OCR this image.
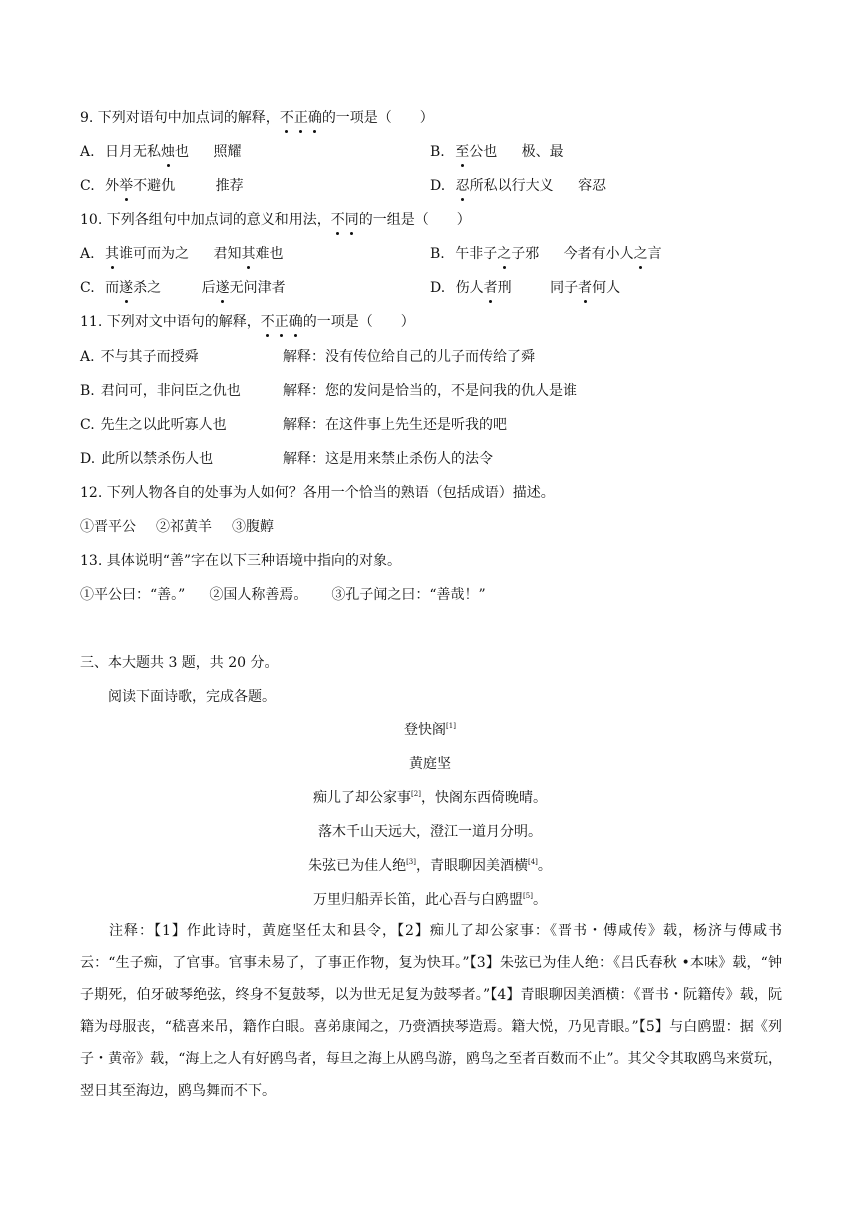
9. 下列对语句中加点词的解释，不正确的一项是（　　）
A. 日月无私烛也 照耀	B. 至公也 极、最
C. 外举不避仇	推荐	D. 忍所私以行大义 容忍
10. 下列各组句中加点词的意义和用法，不同的一组是（　　）
A. 其谁可而为之 君知其难也	B. 午非子之子邪 今者有小人之言
C. 而遂杀之	后遂无问津者	D. 伤人者刑	同子者何人
11. 下列对文中语句的解释，不正确的一项是（　　）
A. 不与其子而授舜	解释：没有传位给自己的儿子而传给了舜
B. 君问可，非问臣之仇也	解释：您的发问是恰当的，不是问我的仇人是谁
C. 先生之以此听寡人也	解释：在这件事上先生还是听我的吧
D. 此所以禁杀伤人也	解释：这是用来禁止杀伤人的法令
12. 下列人物各自的处事为人如何？各用一个恰当的熟语（包括成语）描述。
①晋平公 ②祁黄羊 ③腹䵍
13. 具体说明“善”字在以下三种语境中指向的对象。
①平公曰：“善。” ②国人称善焉。 ③孔子闻之曰：“善哉！”
三、本大题共 3 题，共 20 分。
阅读下面诗歌，完成各题。
登快阁[1]
黄庭坚
痴儿了却公家事[2]，快阁东西倚晚晴。
落木千山天远大，澄江一道月分明。
朱弦已为佳人绝[3]，青眼聊因美酒横[4]。
万里归船弄长笛，此心吾与白鸥盟[5]。
注释：【1】作此诗时，黄庭坚任太和县令，【2】痴儿了却公家事：《晋书・傅咸传》载，杨济与傅咸书云：“生子痴，了官事。官事未易了，了事正作物，复为快耳。”【3】朱弦已为佳人绝：《吕氏春秋 •本味》载，“钟子期死，伯牙破琴绝弦，终身不复鼓琴，以为世无足复为鼓琴者。”【4】青眼聊因美酒横：《晋书・阮籍传》载，阮籍为母服丧，“嵇喜来吊，籍作白眼。喜弟康闻之，乃赍酒挟琴造焉。籍大悦，乃见青眼。”【5】与白鸥盟：据《列子・黄帝》载，“海上之人有好鸥鸟者，每旦之海上从鸥鸟游，鸥鸟之至者百数而不止”。其父令其取鸥鸟来赏玩，翌日其至海边，鸥鸟舞而不下。
